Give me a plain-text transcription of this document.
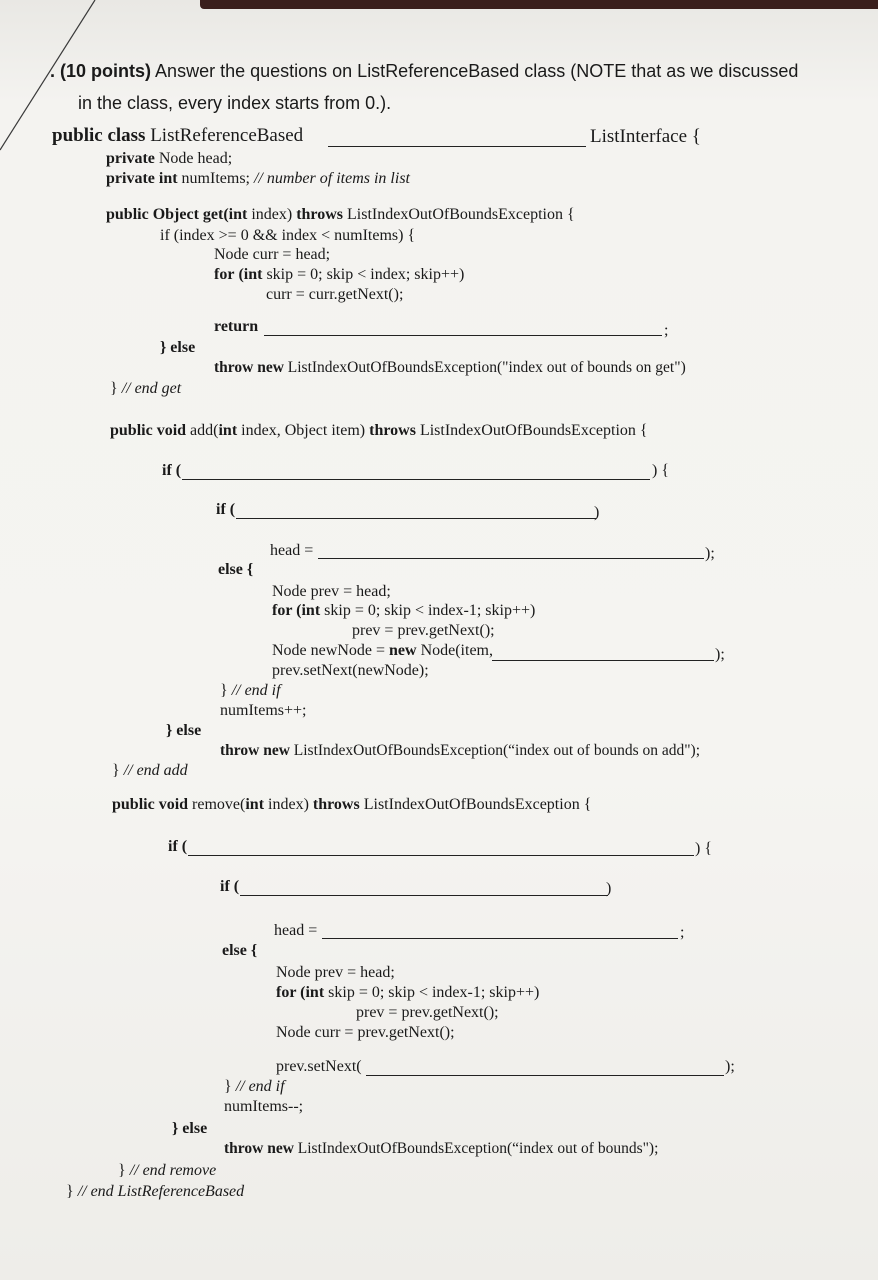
. (10 points) Answer the questions on ListReferenceBased class (NOTE that as we discussed
in the class, every index starts from 0.).
public class ListReferenceBased	ListInterface {
private Node head;
private int numItems; // number of items in list
public Object get(int index) throws ListIndexOutOfBoundsException {
if (index >= 0 && index < numItems) {
Node curr = head;
for (int skip = 0; skip < index; skip++)
curr = curr.getNext();
return	;
} else
throw new ListIndexOutOfBoundsException("index out of bounds on get")
} // end get
public void add(int index, Object item) throws ListIndexOutOfBoundsException {
if (	) {
if (	)
head =	);
else {
Node prev = head;
for (int skip = 0; skip < index-1; skip++)
prev = prev.getNext();
Node newNode = new Node(item,	);
prev.setNext(newNode);
} // end if
numItems++;
} else
throw new ListIndexOutOfBoundsException(“index out of bounds on add");
} // end add
public void remove(int index) throws ListIndexOutOfBoundsException {
if (	) {
if (	)
head =	;
else {
Node prev = head;
for (int skip = 0; skip < index-1; skip++)
prev = prev.getNext();
Node curr = prev.getNext();
prev.setNext(	);
} // end if
numItems--;
} else
throw new ListIndexOutOfBoundsException(“index out of bounds");
} // end remove
} // end ListReferenceBased
